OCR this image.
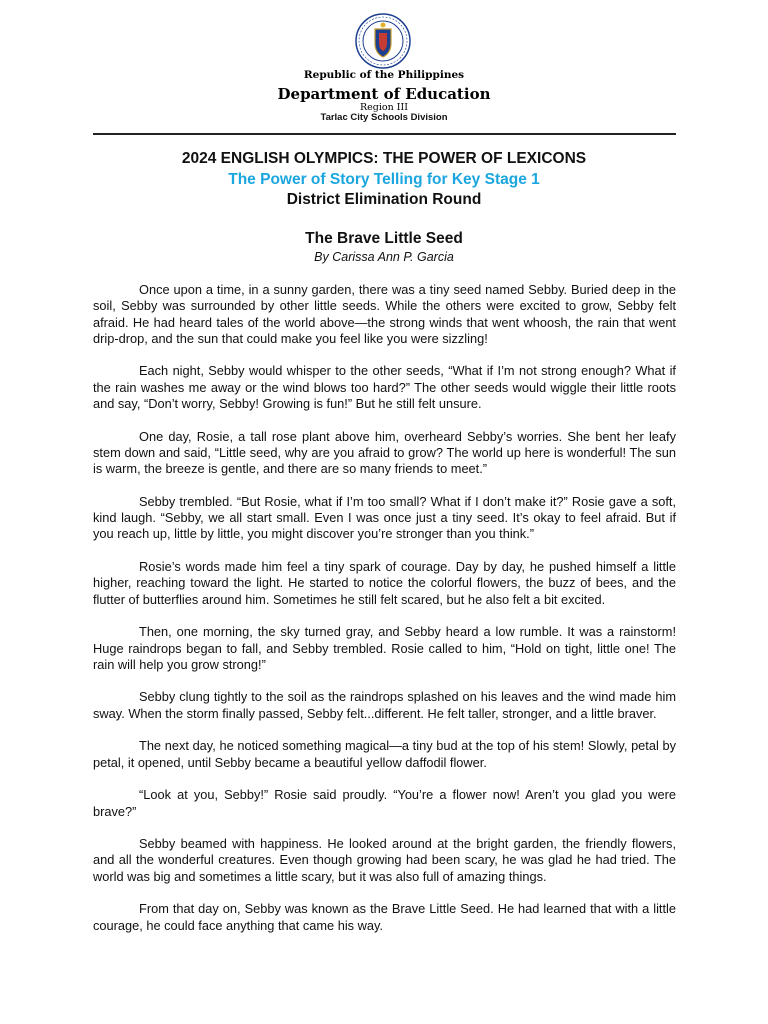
Republic of the Philippines
Department of Education
Region III
Tarlac City Schools Division
2024 ENGLISH OLYMPICS: THE POWER OF LEXICONS
The Power of Story Telling for Key Stage 1
District Elimination Round
The Brave Little Seed
By Carissa Ann P. Garcia

Once upon a time, in a sunny garden, there was a tiny seed named Sebby. Buried deep in the soil, Sebby was surrounded by other little seeds. While the others were excited to grow, Sebby felt afraid. He had heard tales of the world above—the strong winds that went whoosh, the rain that went drip-drop, and the sun that could make you feel like you were sizzling!

Each night, Sebby would whisper to the other seeds, “What if I’m not strong enough? What if the rain washes me away or the wind blows too hard?” The other seeds would wiggle their little roots and say, “Don’t worry, Sebby! Growing is fun!” But he still felt unsure.

One day, Rosie, a tall rose plant above him, overheard Sebby’s worries. She bent her leafy stem down and said, “Little seed, why are you afraid to grow? The world up here is wonderful! The sun is warm, the breeze is gentle, and there are so many friends to meet.”

Sebby trembled. “But Rosie, what if I’m too small? What if I don’t make it?” Rosie gave a soft, kind laugh. “Sebby, we all start small. Even I was once just a tiny seed. It’s okay to feel afraid. But if you reach up, little by little, you might discover you’re stronger than you think.”

Rosie’s words made him feel a tiny spark of courage. Day by day, he pushed himself a little higher, reaching toward the light. He started to notice the colorful flowers, the buzz of bees, and the flutter of butterflies around him. Sometimes he still felt scared, but he also felt a bit excited.

Then, one morning, the sky turned gray, and Sebby heard a low rumble. It was a rainstorm! Huge raindrops began to fall, and Sebby trembled. Rosie called to him, “Hold on tight, little one! The rain will help you grow strong!”

Sebby clung tightly to the soil as the raindrops splashed on his leaves and the wind made him sway. When the storm finally passed, Sebby felt...different. He felt taller, stronger, and a little braver.

The next day, he noticed something magical—a tiny bud at the top of his stem! Slowly, petal by petal, it opened, until Sebby became a beautiful yellow daffodil flower.

“Look at you, Sebby!” Rosie said proudly. “You’re a flower now! Aren’t you glad you were brave?”

Sebby beamed with happiness. He looked around at the bright garden, the friendly flowers, and all the wonderful creatures. Even though growing had been scary, he was glad he had tried. The world was big and sometimes a little scary, but it was also full of amazing things.

From that day on, Sebby was known as the Brave Little Seed. He had learned that with a little courage, he could face anything that came his way.
